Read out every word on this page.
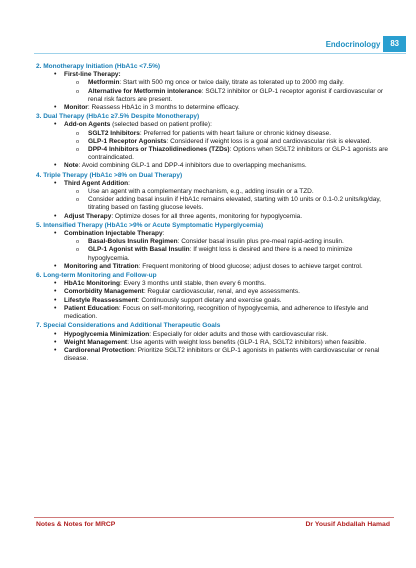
Endocrinology	83
2. Monotherapy Initiation (HbA1c <7.5%)
• First-line Therapy:
o Metformin: Start with 500 mg once or twice daily, titrate as tolerated up to 2000 mg daily.
o Alternative for Metformin intolerance: SGLT2 inhibitor or GLP-1 receptor agonist if cardiovascular or renal risk factors are present.
• Monitor: Reassess HbA1c in 3 months to determine efficacy.
3. Dual Therapy (HbA1c ≥7.5% Despite Monotherapy)
• Add-on Agents (selected based on patient profile):
o SGLT2 Inhibitors: Preferred for patients with heart failure or chronic kidney disease.
o GLP-1 Receptor Agonists: Considered if weight loss is a goal and cardiovascular risk is elevated.
o DPP-4 Inhibitors or Thiazolidinediones (TZDs): Options when SGLT2 inhibitors or GLP-1 agonists are contraindicated.
• Note: Avoid combining GLP-1 and DPP-4 inhibitors due to overlapping mechanisms.
4. Triple Therapy (HbA1c >8% on Dual Therapy)
• Third Agent Addition:
o Use an agent with a complementary mechanism, e.g., adding insulin or a TZD.
o Consider adding basal insulin if HbA1c remains elevated, starting with 10 units or 0.1-0.2 units/kg/day, titrating based on fasting glucose levels.
• Adjust Therapy: Optimize doses for all three agents, monitoring for hypoglycemia.
5. Intensified Therapy (HbA1c >9% or Acute Symptomatic Hyperglycemia)
• Combination Injectable Therapy:
o Basal-Bolus Insulin Regimen: Consider basal insulin plus pre-meal rapid-acting insulin.
o GLP-1 Agonist with Basal Insulin: If weight loss is desired and there is a need to minimize hypoglycemia.
• Monitoring and Titration: Frequent monitoring of blood glucose; adjust doses to achieve target control.
6. Long-term Monitoring and Follow-up
• HbA1c Monitoring: Every 3 months until stable, then every 6 months.
• Comorbidity Management: Regular cardiovascular, renal, and eye assessments.
• Lifestyle Reassessment: Continuously support dietary and exercise goals.
• Patient Education: Focus on self-monitoring, recognition of hypoglycemia, and adherence to lifestyle and medication.
7. Special Considerations and Additional Therapeutic Goals
• Hypoglycemia Minimization: Especially for older adults and those with cardiovascular risk.
• Weight Management: Use agents with weight loss benefits (GLP-1 RA, SGLT2 inhibitors) when feasible.
• Cardiorenal Protection: Prioritize SGLT2 inhibitors or GLP-1 agonists in patients with cardiovascular or renal disease.
Notes & Notes for MRCP	Dr Yousif Abdallah Hamad
